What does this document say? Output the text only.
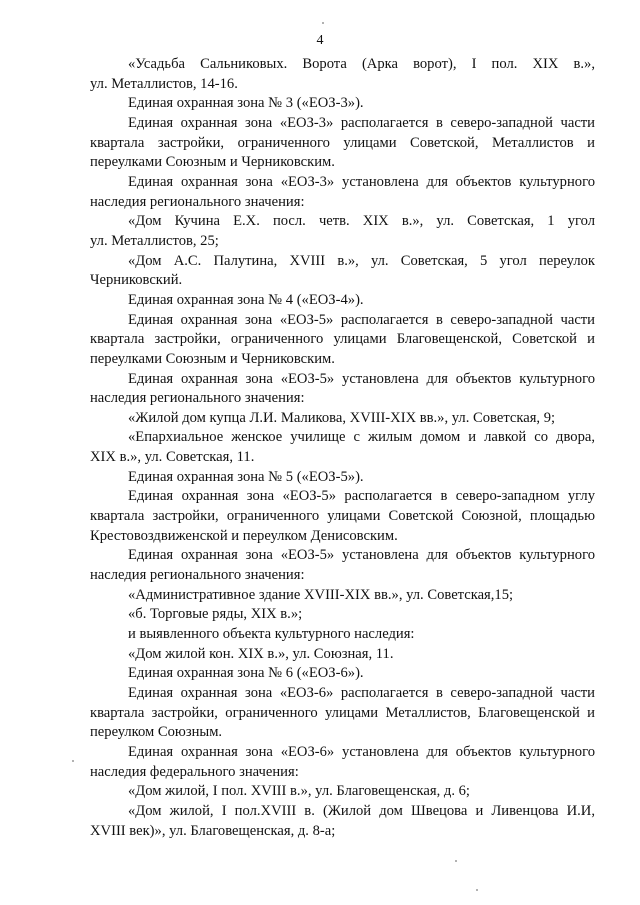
4

«Усадьба Сальниковых. Ворота (Арка ворот), I пол. XIX в.»,
ул. Металлистов, 14-16.

Единая охранная зона № 3 («ЕОЗ-3»).

Единая охранная зона «ЕОЗ-3» располагается в северо-западной части
квартала застройки, ограниченного улицами Советской, Металлистов и
переулками Союзным и Черниковским.

Единая охранная зона «ЕОЗ-3» установлена для объектов культурного
наследия регионального значения:

«Дом Кучина Е.Х. посл. четв. XIX в.», ул. Советская, 1 угол
ул. Металлистов, 25;

«Дом А.С. Палутина, XVIII в.», ул. Советская, 5 угол переулок
Черниковский.

Единая охранная зона № 4 («ЕОЗ-4»).

Единая охранная зона «ЕОЗ-5» располагается в северо-западной части
квартала застройки, ограниченного улицами Благовещенской, Советской и
переулками Союзным и Черниковским.

Единая охранная зона «ЕОЗ-5» установлена для объектов культурного
наследия регионального значения:

«Жилой дом купца Л.И. Маликова, XVIII-XIX вв.», ул. Советская, 9;

«Епархиальное женское училище с жилым домом и лавкой со двора,
XIX в.», ул. Советская, 11.

Единая охранная зона № 5 («ЕОЗ-5»).

Единая охранная зона «ЕОЗ-5» располагается в северо-западном углу
квартала застройки, ограниченного улицами Советской Союзной, площадью
Крестовоздвиженской и переулком Денисовским.

Единая охранная зона «ЕОЗ-5» установлена для объектов культурного
наследия регионального значения:

«Административное здание XVIII-XIX вв.», ул. Советская,15;

«б. Торговые ряды, XIX в.»;

и выявленного объекта культурного наследия:

«Дом жилой кон. XIX в.», ул. Союзная, 11.

Единая охранная зона № 6 («ЕОЗ-6»).

Единая охранная зона «ЕОЗ-6» располагается в северо-западной части
квартала застройки, ограниченного улицами Металлистов, Благовещенской и
переулком Союзным.

Единая охранная зона «ЕОЗ-6» установлена для объектов культурного
наследия федерального значения:

«Дом жилой, I пол. XVIII в.», ул. Благовещенская, д. 6;

«Дом жилой, I пол.XVIII в. (Жилой дом Швецова и Ливенцова И.И,
XVIII век)», ул. Благовещенская, д. 8-а;
